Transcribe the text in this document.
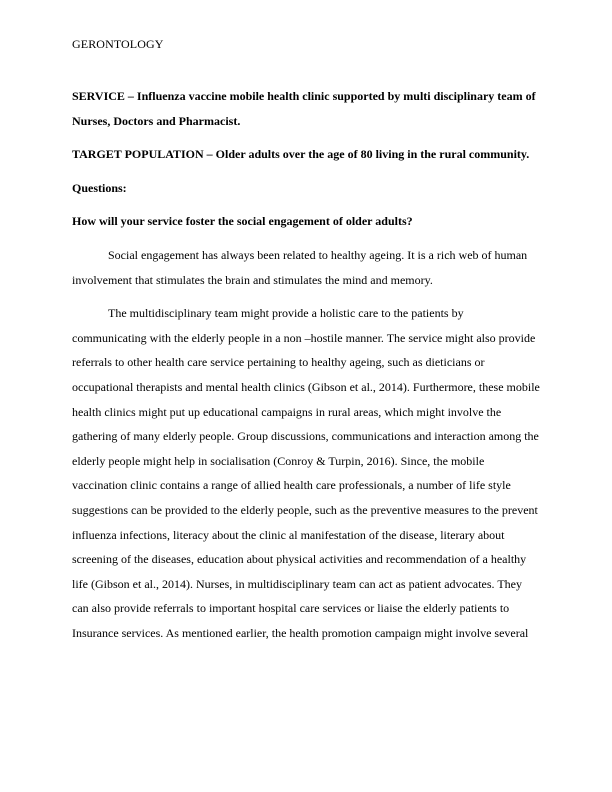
GERONTOLOGY

SERVICE – Influenza vaccine mobile health clinic supported by multi disciplinary team of
Nurses, Doctors and Pharmacist.

TARGET POPULATION – Older adults over the age of 80 living in the rural community.

Questions:

How will your service foster the social engagement of older adults?

Social engagement has always been related to healthy ageing. It is a rich web of human
involvement that stimulates the brain and stimulates the mind and memory.

The multidisciplinary team might provide a holistic care to the patients by
communicating with the elderly people in a non –hostile manner. The service might also provide
referrals to other health care service pertaining to healthy ageing, such as dieticians or
occupational therapists and mental health clinics (Gibson et al., 2014). Furthermore, these mobile
health clinics might put up educational campaigns in rural areas, which might involve the
gathering of many elderly people. Group discussions, communications and interaction among the
elderly people might help in socialisation (Conroy & Turpin, 2016). Since, the mobile
vaccination clinic contains a range of allied health care professionals, a number of life style
suggestions can be provided to the elderly people, such as the preventive measures to the prevent
influenza infections, literacy about the clinic al manifestation of the disease, literary about
screening of the diseases, education about physical activities and recommendation of a healthy
life (Gibson et al., 2014). Nurses, in multidisciplinary team can act as patient advocates. They
can also provide referrals to important hospital care services or liaise the elderly patients to
Insurance services. As mentioned earlier, the health promotion campaign might involve several
